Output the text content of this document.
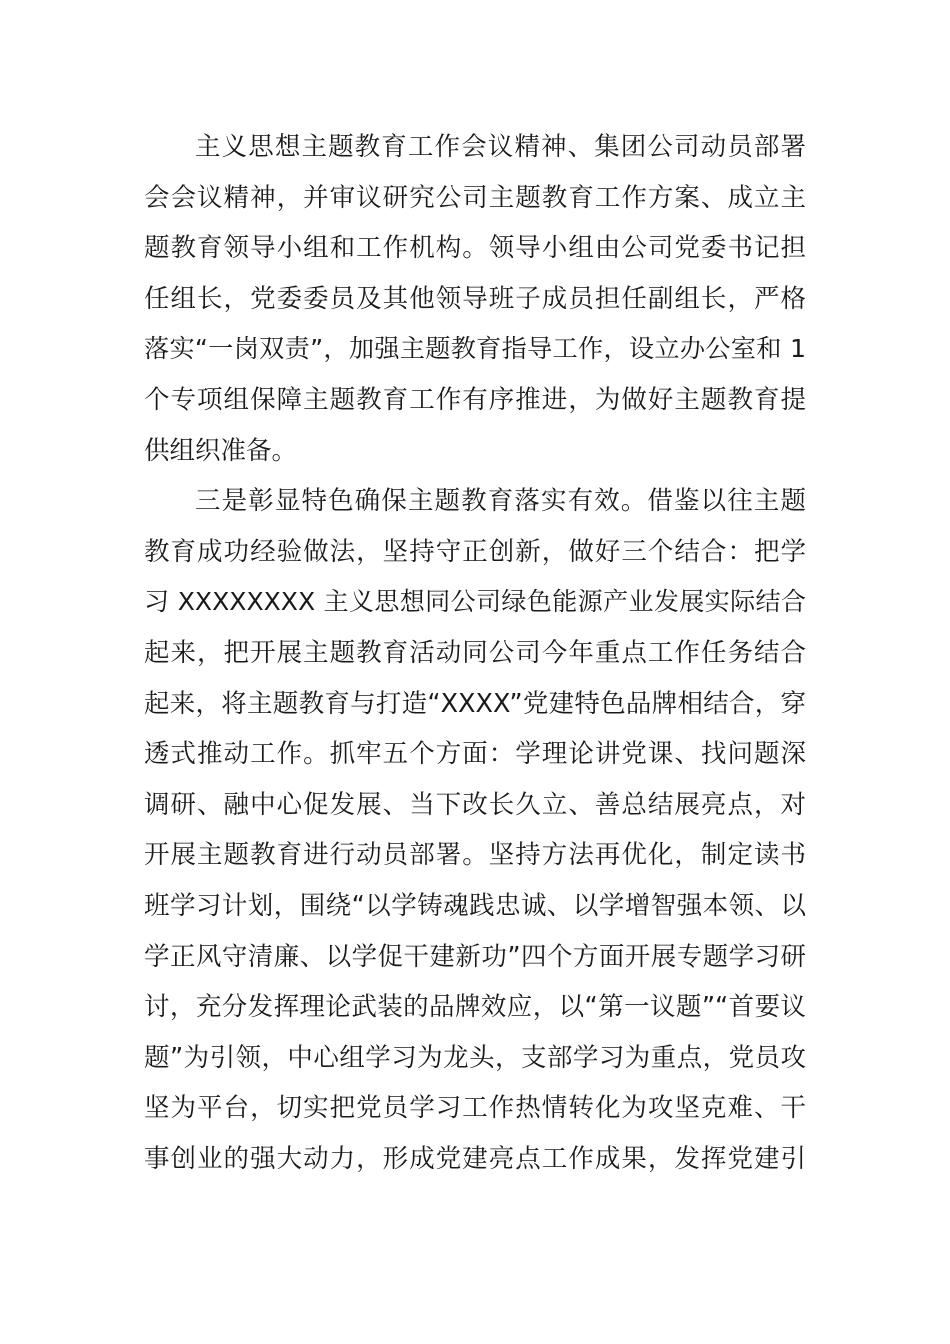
主义思想主题教育工作会议精神、集团公司动员部署
会会议精神，并审议研究公司主题教育工作方案、成立主
题教育领导小组和工作机构。领导小组由公司党委书记担
任组长，党委委员及其他领导班子成员担任副组长，严格
落实“一岗双责”，加强主题教育指导工作，设立办公室和 1
个专项组保障主题教育工作有序推进，为做好主题教育提
供组织准备。
三是彰显特色确保主题教育落实有效。借鉴以往主题
教育成功经验做法，坚持守正创新，做好三个结合：把学
习 XXXXXXXX 主义思想同公司绿色能源产业发展实际结合
起来，把开展主题教育活动同公司今年重点工作任务结合
起来，将主题教育与打造“XXXX”党建特色品牌相结合，穿
透式推动工作。抓牢五个方面：学理论讲党课、找问题深
调研、融中心促发展、当下改长久立、善总结展亮点，对
开展主题教育进行动员部署。坚持方法再优化，制定读书
班学习计划，围绕“以学铸魂践忠诚、以学增智强本领、以
学正风守清廉、以学促干建新功”四个方面开展专题学习研
讨，充分发挥理论武装的品牌效应，以“第一议题”“首要议
题”为引领，中心组学习为龙头，支部学习为重点，党员攻
坚为平台，切实把党员学习工作热情转化为攻坚克难、干
事创业的强大动力，形成党建亮点工作成果，发挥党建引
